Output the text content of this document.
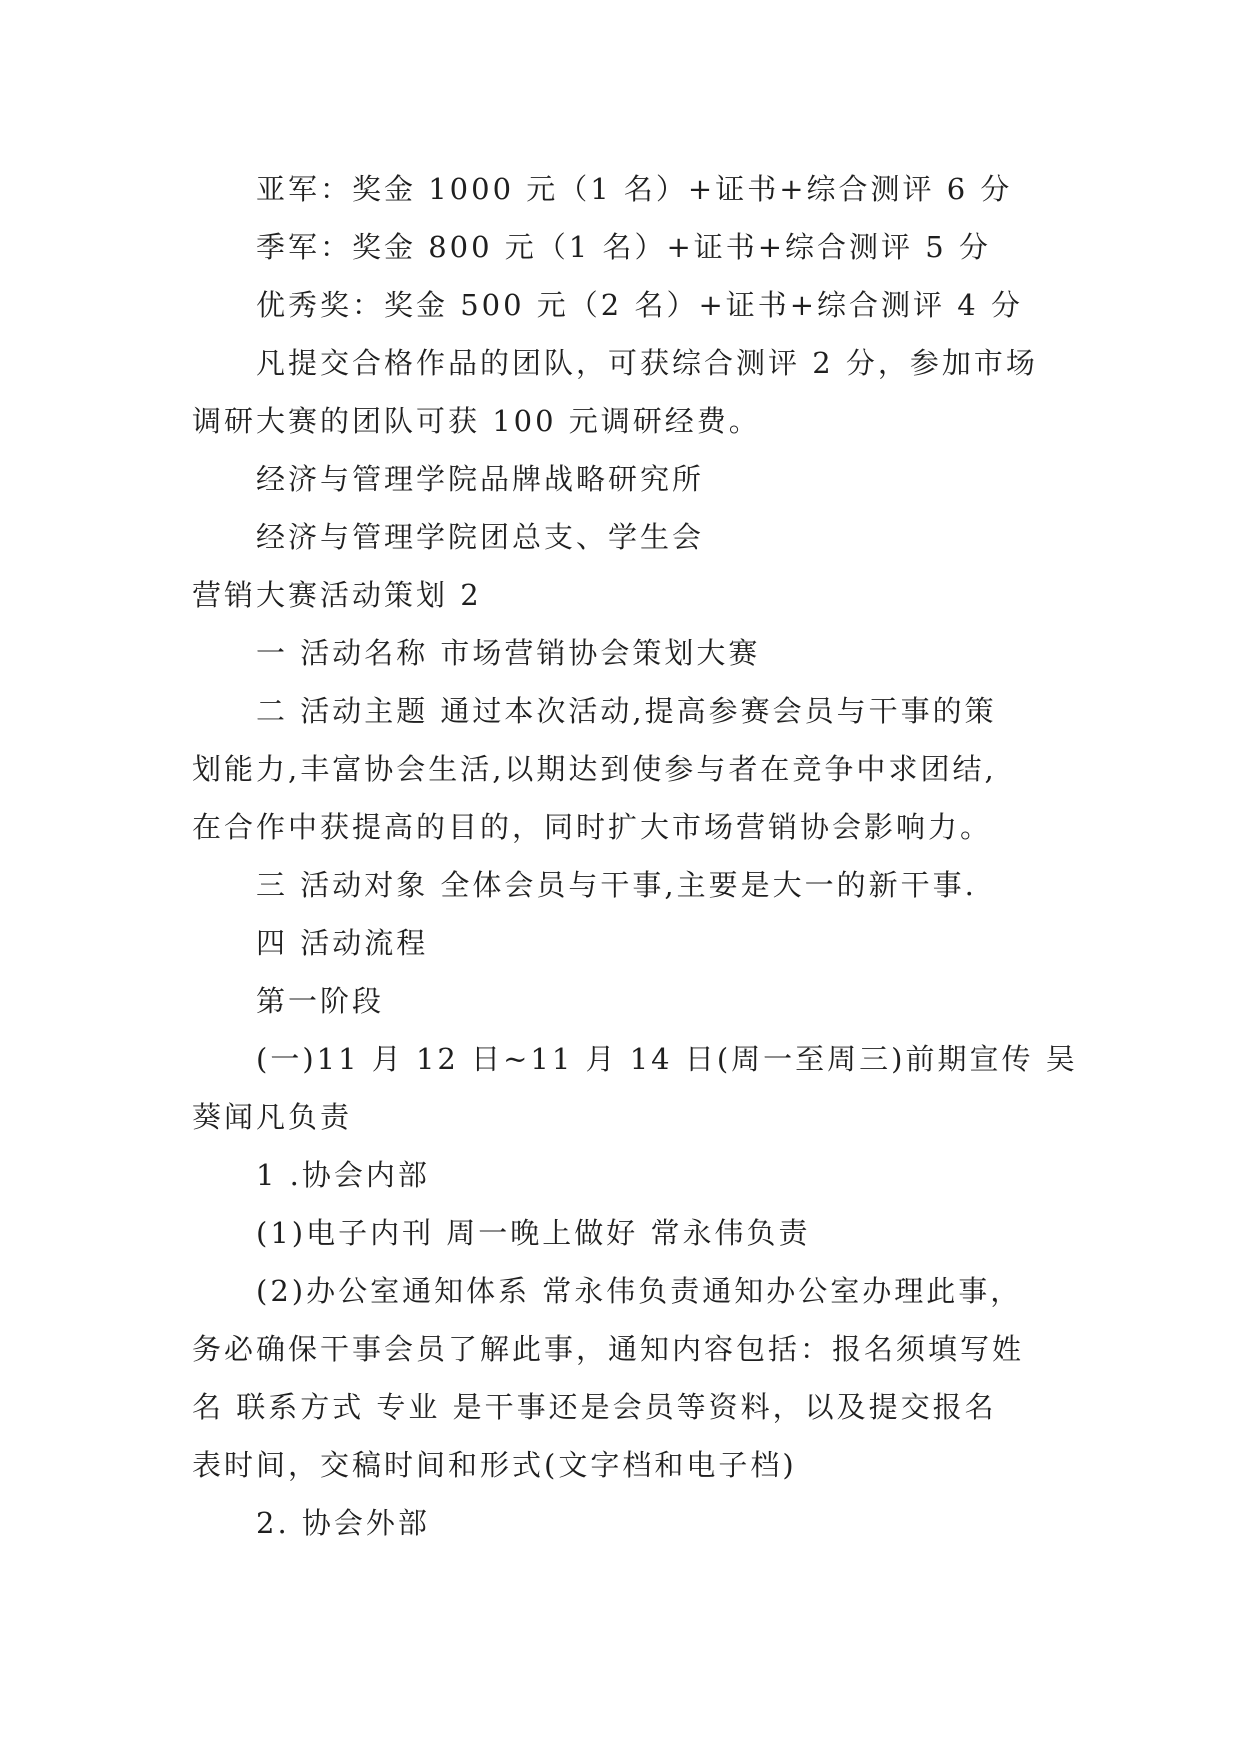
亚军：奖金 1000 元（1 名）+证书+综合测评 6 分
季军：奖金 800 元（1 名）+证书+综合测评 5 分
优秀奖：奖金 500 元（2 名）+证书+综合测评 4 分
凡提交合格作品的团队，可获综合测评 2 分，参加市场
调研大赛的团队可获 100 元调研经费。
经济与管理学院品牌战略研究所
经济与管理学院团总支、学生会
营销大赛活动策划 2
一 活动名称 市场营销协会策划大赛
二 活动主题 通过本次活动,提高参赛会员与干事的策
划能力,丰富协会生活,以期达到使参与者在竞争中求团结,
在合作中获提高的目的，同时扩大市场营销协会影响力。
三 活动对象 全体会员与干事,主要是大一的新干事.
四 活动流程
第一阶段
(一)11 月 12 日~11 月 14 日(周一至周三)前期宣传 吴
葵闻凡负责
1 .协会内部
(1)电子内刊 周一晚上做好 常永伟负责
(2)办公室通知体系 常永伟负责通知办公室办理此事，
务必确保干事会员了解此事，通知内容包括：报名须填写姓
名 联系方式 专业 是干事还是会员等资料，以及提交报名
表时间，交稿时间和形式(文字档和电子档)
2. 协会外部
